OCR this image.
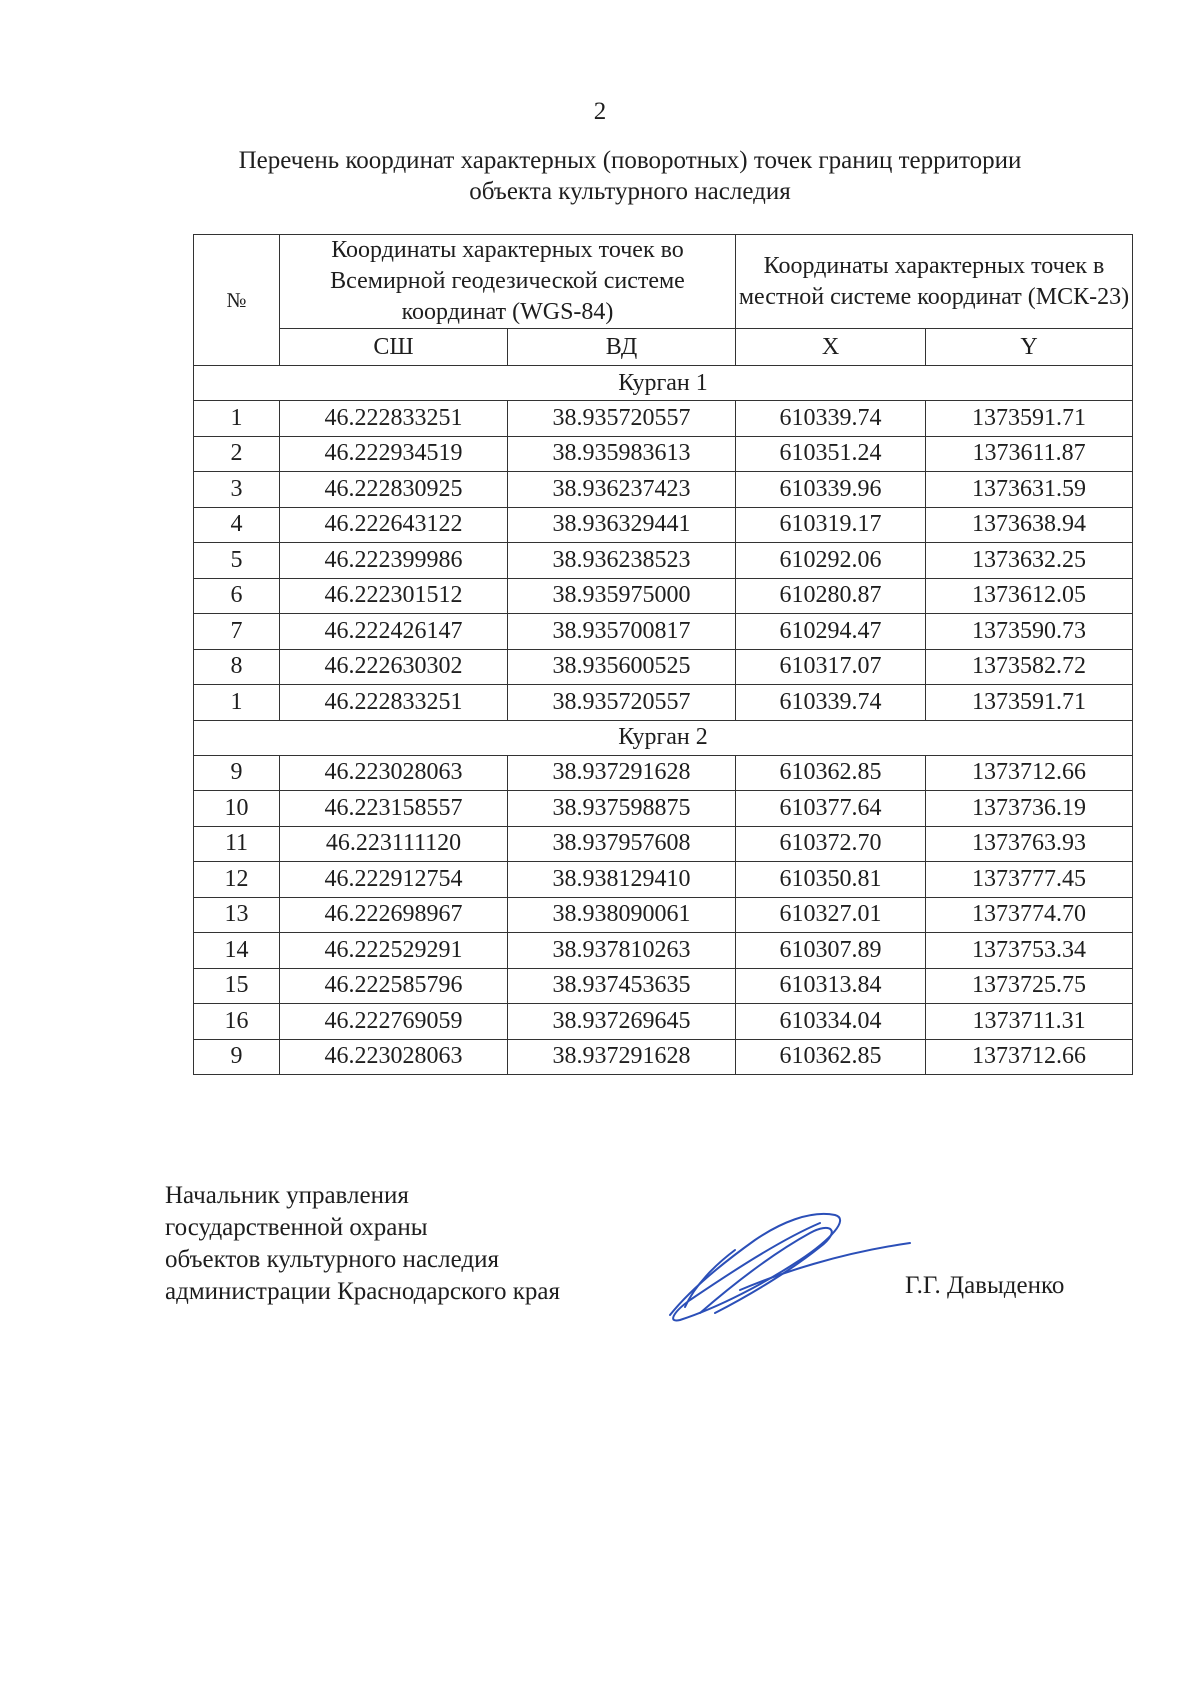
2
Перечень координат характерных (поворотных) точек границ территории
объекта культурного наследия
№	Координаты характерных точек во Всемирной геодезической системе координат (WGS-84)		Координаты характерных точек в местной системе координат (МСК-23)	
	СШ	ВД	X	Y
Курган 1				
1	46.222833251	38.935720557	610339.74	1373591.71
2	46.222934519	38.935983613	610351.24	1373611.87
3	46.222830925	38.936237423	610339.96	1373631.59
4	46.222643122	38.936329441	610319.17	1373638.94
5	46.222399986	38.936238523	610292.06	1373632.25
6	46.222301512	38.935975000	610280.87	1373612.05
7	46.222426147	38.935700817	610294.47	1373590.73
8	46.222630302	38.935600525	610317.07	1373582.72
1	46.222833251	38.935720557	610339.74	1373591.71
Курган 2				
9	46.223028063	38.937291628	610362.85	1373712.66
10	46.223158557	38.937598875	610377.64	1373736.19
11	46.223111120	38.937957608	610372.70	1373763.93
12	46.222912754	38.938129410	610350.81	1373777.45
13	46.222698967	38.938090061	610327.01	1373774.70
14	46.222529291	38.937810263	610307.89	1373753.34
15	46.222585796	38.937453635	610313.84	1373725.75
16	46.222769059	38.937269645	610334.04	1373711.31
9	46.223028063	38.937291628	610362.85	1373712.66
Начальник управления
государственной охраны
объектов культурного наследия
администрации Краснодарского края	Г.Г. Давыденко
